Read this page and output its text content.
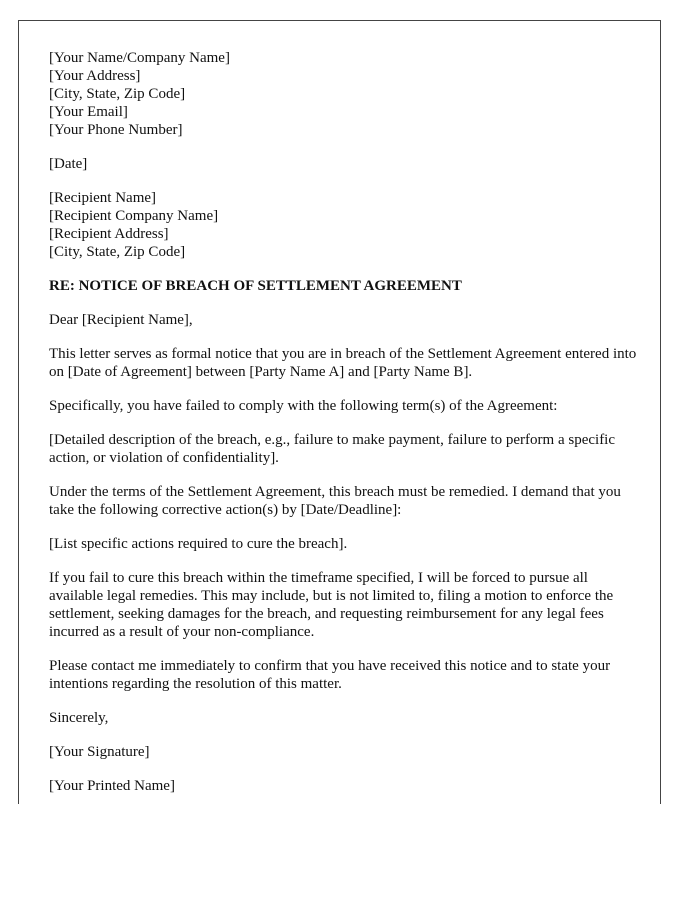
[Your Name/Company Name]
[Your Address]
[City, State, Zip Code]
[Your Email]
[Your Phone Number]
[Date]
[Recipient Name]
[Recipient Company Name]
[Recipient Address]
[City, State, Zip Code]

RE: NOTICE OF BREACH OF SETTLEMENT AGREEMENT

Dear [Recipient Name],

This letter serves as formal notice that you are in breach of the Settlement Agreement entered into on [Date of Agreement] between [Party Name A] and [Party Name B].

Specifically, you have failed to comply with the following term(s) of the Agreement:

[Detailed description of the breach, e.g., failure to make payment, failure to perform a specific action, or violation of confidentiality].

Under the terms of the Settlement Agreement, this breach must be remedied. I demand that you take the following corrective action(s) by [Date/Deadline]:

[List specific actions required to cure the breach].

If you fail to cure this breach within the timeframe specified, I will be forced to pursue all available legal remedies. This may include, but is not limited to, filing a motion to enforce the settlement, seeking damages for the breach, and requesting reimbursement for any legal fees incurred as a result of your non-compliance.

Please contact me immediately to confirm that you have received this notice and to state your intentions regarding the resolution of this matter.

Sincerely,

[Your Signature]

[Your Printed Name]
